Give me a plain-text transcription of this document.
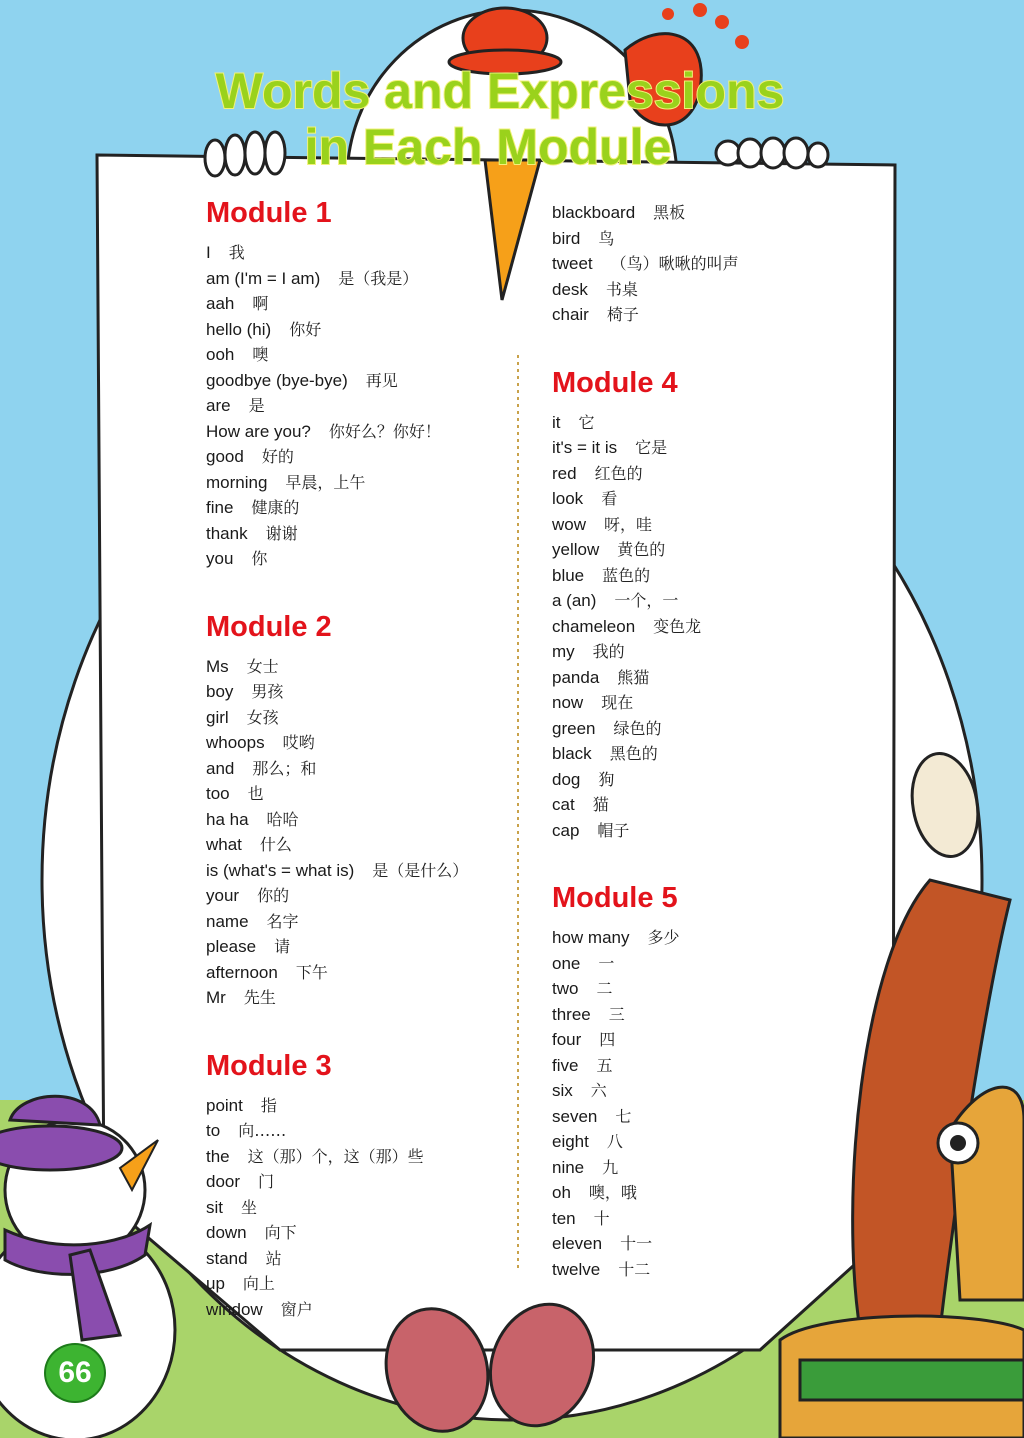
Words and Expressions
in Each Module
Module 1
I 我
am (I'm = I am) 是（我是）
aah 啊
hello (hi) 你好
ooh 噢
goodbye (bye-bye) 再见
are 是
How are you? 你好么？你好！
good 好的
morning 早晨，上午
fine 健康的
thank 谢谢
you 你
Module 2
Ms 女士
boy 男孩
girl 女孩
whoops 哎哟
and 那么；和
too 也
ha ha 哈哈
what 什么
is (what's = what is) 是（是什么）
your 你的
name 名字
please 请
afternoon 下午
Mr 先生
Module 3
point 指
to 向……
the 这（那）个，这（那）些
door 门
sit 坐
down 向下
stand 站
up 向上
window 窗户
blackboard 黑板
bird 鸟
tweet （鸟）啾啾的叫声
desk 书桌
chair 椅子
Module 4
it 它
it's = it is 它是
red 红色的
look 看
wow 呀，哇
yellow 黄色的
blue 蓝色的
a (an) 一个，一
chameleon 变色龙
my 我的
panda 熊猫
now 现在
green 绿色的
black 黑色的
dog 狗
cat 猫
cap 帽子
Module 5
how many 多少
one 一
two 二
three 三
four 四
five 五
six 六
seven 七
eight 八
nine 九
oh 噢，哦
ten 十
eleven 十一
twelve 十二
66
